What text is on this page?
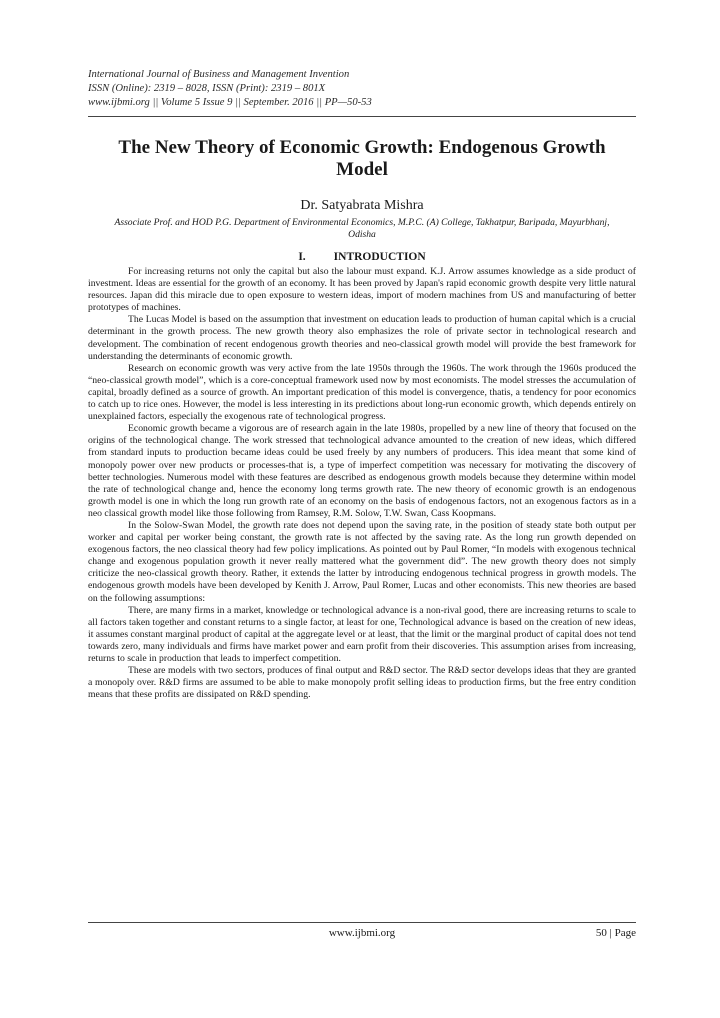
International Journal of Business and Management Invention
ISSN (Online): 2319 – 8028, ISSN (Print): 2319 – 801X
www.ijbmi.org || Volume 5 Issue 9 || September. 2016 || PP—50-53
The New Theory of Economic Growth: Endogenous Growth Model
Dr. Satyabrata Mishra
Associate Prof. and HOD P.G. Department of Environmental Economics, M.P.C. (A) College, Takhatpur, Baripada, Mayurbhanj, Odisha
I. INTRODUCTION

For increasing returns not only the capital but also the labour must expand. K.J. Arrow assumes knowledge as a side product of investment. Ideas are essential for the growth of an economy. It has been proved by Japan's rapid economic growth despite very little natural resources. Japan did this miracle due to open exposure to western ideas, import of modern machines from US and manufacturing of better prototypes of machines.

The Lucas Model is based on the assumption that investment on education leads to production of human capital which is a crucial determinant in the growth process. The new growth theory also emphasizes the role of private sector in technological research and development. The combination of recent endogenous growth theories and neo-classical growth model will provide the best framework for understanding the determinants of economic growth.

Research on economic growth was very active from the late 1950s through the 1960s. The work through the 1960s produced the “neo-classical growth model”, which is a core-conceptual framework used now by most economists. The model stresses the accumulation of capital, broadly defined as a source of growth. An important predication of this model is convergence, thatis, a tendency for poor economics to catch up to rice ones. However, the model is less interesting in its predictions about long-run economic growth, which depends entirely on unexplained factors, especially the exogenous rate of technological progress.

Economic growth became a vigorous are of research again in the late 1980s, propelled by a new line of theory that focused on the origins of the technological change. The work stressed that technological advance amounted to the creation of new ideas, which differed from standard inputs to production became ideas could be used freely by any numbers of producers. This idea meant that some kind of monopoly power over new products or processes-that is, a type of imperfect competition was necessary for motivating the discovery of better technologies. Numerous model with these features are described as endogenous growth models because they determine within model the rate of technological change and, hence the economy long terms growth rate. The new theory of economic growth is an endogenous growth model is one in which the long run growth rate of an economy on the basis of endogenous factors, not an exogenous factors as in a neo classical growth model like those following from Ramsey, R.M. Solow, T.W. Swan, Cass Koopmans.

In the Solow-Swan Model, the growth rate does not depend upon the saving rate, in the position of steady state both output per worker and capital per worker being constant, the growth rate is not affected by the saving rate. As the long run growth depended on exogenous factors, the neo classical theory had few policy implications. As pointed out by Paul Romer, “In models with exogenous technical change and exogenous population growth it never really mattered what the government did”. The new growth theory does not simply criticize the neo-classical growth theory. Rather, it extends the latter by introducing endogenous technical progress in growth models. The endogenous growth models have been developed by Kenith J. Arrow, Paul Romer, Lucas and other economists. This new theories are based on the following assumptions:

There, are many firms in a market, knowledge or technological advance is a non-rival good, there are increasing returns to scale to all factors taken together and constant returns to a single factor, at least for one, Technological advance is based on the creation of new ideas, it assumes constant marginal product of capital at the aggregate level or at least, that the limit or the marginal product of capital does not tend towards zero, many individuals and firms have market power and earn profit from their discoveries. This assumption arises from increasing, returns to scale in production that leads to imperfect competition.

These are models with two sectors, produces of final output and R&D sector. The R&D sector develops ideas that they are granted a monopoly over. R&D firms are assumed to be able to make monopoly profit selling ideas to production firms, but the free entry condition means that these profits are dissipated on R&D spending.

www.ijbmi.org	50 | Page
